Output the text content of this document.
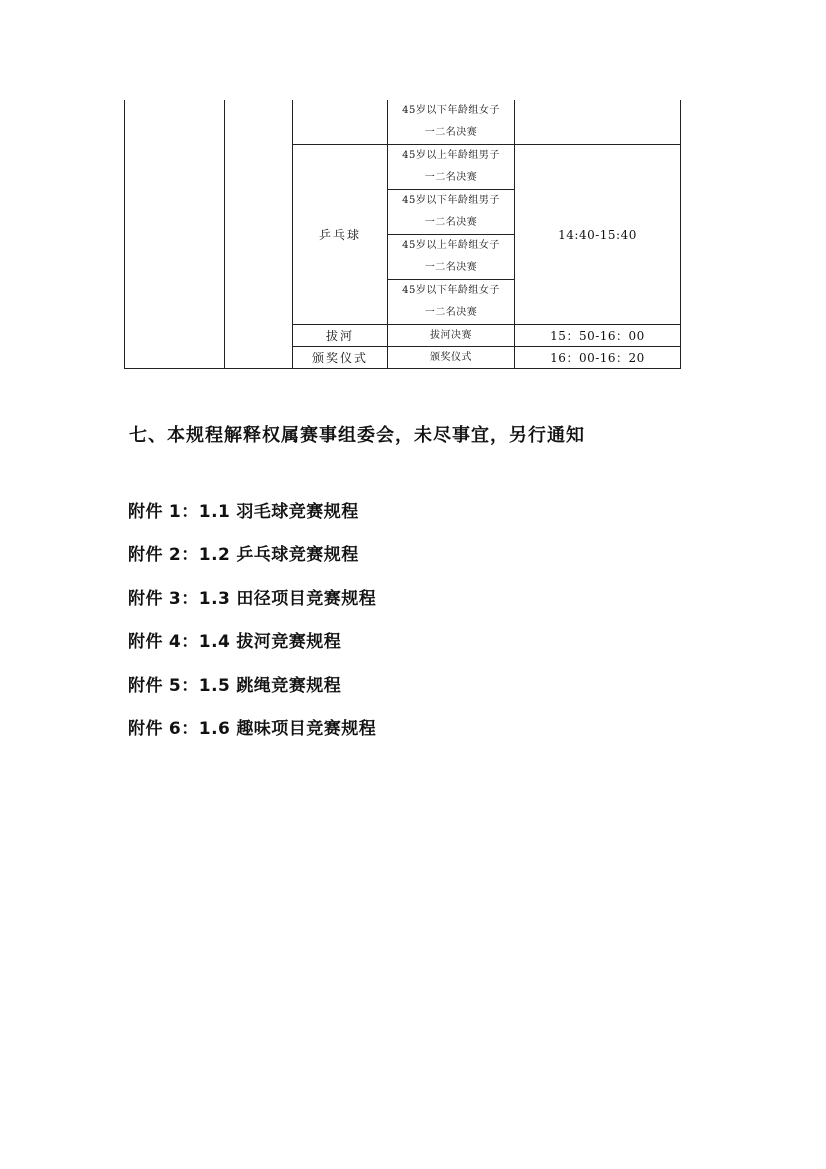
			45岁以下年龄组女子
一二名决赛	

		乒乓球	45岁以上年龄组男子
一二名决赛	14:40-15:40

			45岁以下年龄组男子
一二名决赛	

			45岁以上年龄组女子
一二名决赛	

			45岁以下年龄组女子
一二名决赛	

		拔河	拔河决赛	15：50-16：00
		颁奖仪式	颁奖仪式	16：00-16：20
七、本规程解释权属赛事组委会，未尽事宜，另行通知
附件 1：1.1 羽毛球竞赛规程
附件 2：1.2 乒乓球竞赛规程
附件 3：1.3 田径项目竞赛规程
附件 4：1.4 拔河竞赛规程
附件 5：1.5 跳绳竞赛规程
附件 6：1.6 趣味项目竞赛规程
